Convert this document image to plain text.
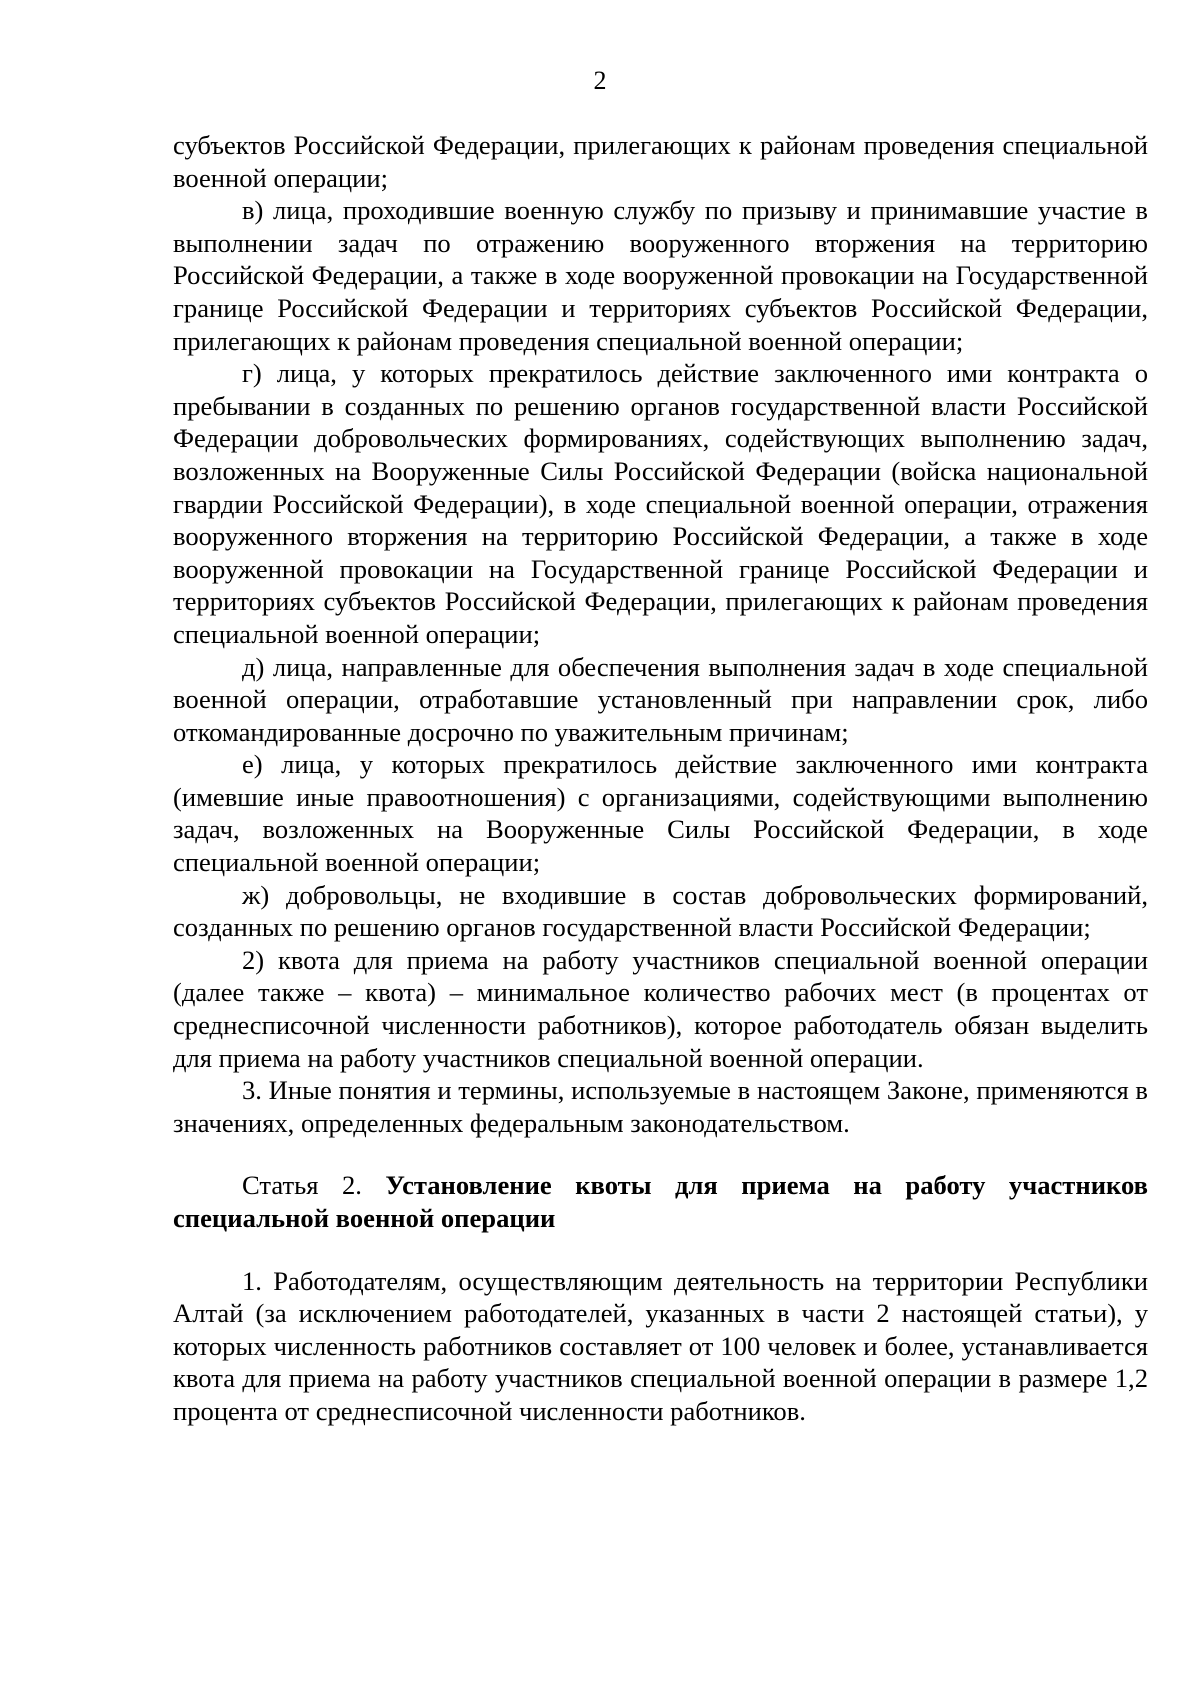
2

субъектов Российской Федерации, прилегающих к районам проведения специальной военной операции;

в) лица, проходившие военную службу по призыву и принимавшие участие в выполнении задач по отражению вооруженного вторжения на территорию Российской Федерации, а также в ходе вооруженной провокации на Государственной границе Российской Федерации и территориях субъектов Российской Федерации, прилегающих к районам проведения специальной военной операции;

г) лица, у которых прекратилось действие заключенного ими контракта о пребывании в созданных по решению органов государственной власти Российской Федерации добровольческих формированиях, содействующих выполнению задач, возложенных на Вооруженные Силы Российской Федерации (войска национальной гвардии Российской Федерации), в ходе специальной военной операции, отражения вооруженного вторжения на территорию Российской Федерации, а также в ходе вооруженной провокации на Государственной границе Российской Федерации и территориях субъектов Российской Федерации, прилегающих к районам проведения специальной военной операции;

д) лица, направленные для обеспечения выполнения задач в ходе специальной военной операции, отработавшие установленный при направлении срок, либо откомандированные досрочно по уважительным причинам;

е) лица, у которых прекратилось действие заключенного ими контракта (имевшие иные правоотношения) с организациями, содействующими выполнению задач, возложенных на Вооруженные Силы Российской Федерации, в ходе специальной военной операции;

ж) добровольцы, не входившие в состав добровольческих формирований, созданных по решению органов государственной власти Российской Федерации;

2) квота для приема на работу участников специальной военной операции (далее также – квота) – минимальное количество рабочих мест (в процентах от среднесписочной численности работников), которое работодатель обязан выделить для приема на работу участников специальной военной операции.

3. Иные понятия и термины, используемые в настоящем Законе, применяются в значениях, определенных федеральным законодательством.

Статья 2. Установление квоты для приема на работу участников специальной военной операции

1. Работодателям, осуществляющим деятельность на территории Республики Алтай (за исключением работодателей, указанных в части 2 настоящей статьи), у которых численность работников составляет от 100 человек и более, устанавливается квота для приема на работу участников специальной военной операции в размере 1,2 процента от среднесписочной численности работников.
